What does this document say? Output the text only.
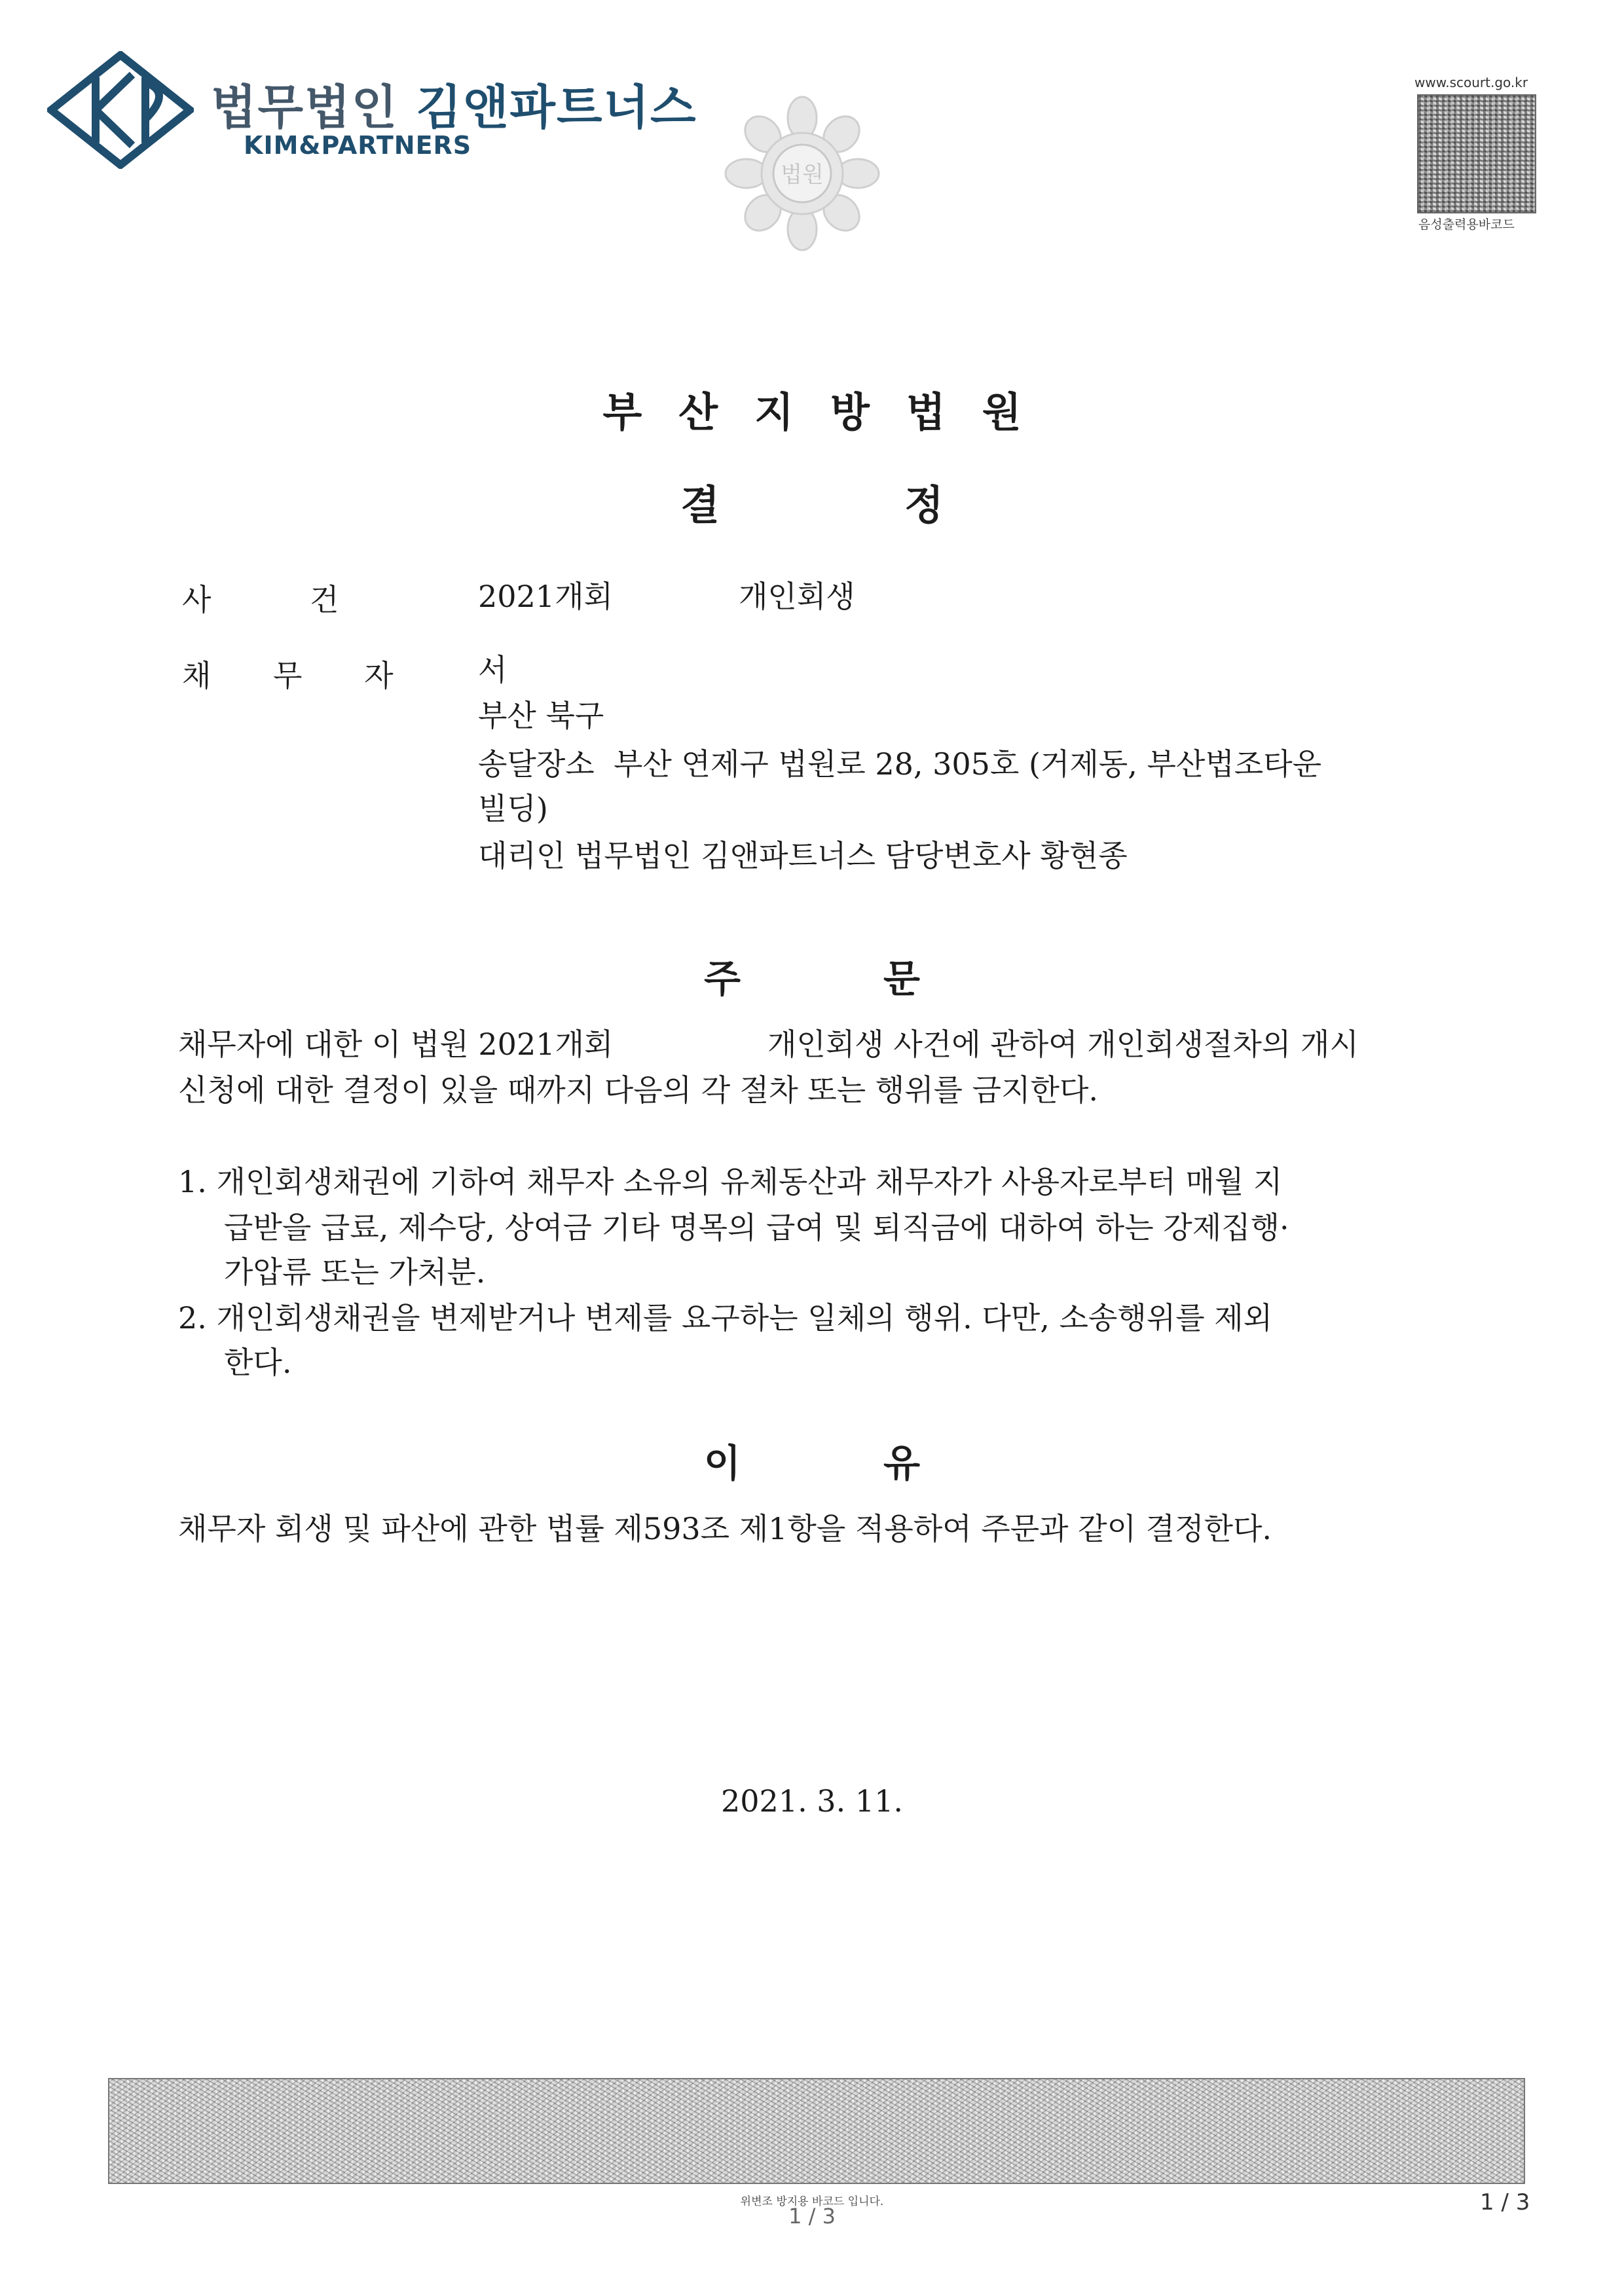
법무법인 김앤파트너스
KIM&PARTNERS
법원
www.scourt.go.kr
음성출력용바코드
부산지방법원
결정
사 건	2021개회	개인회생
채 무 자 서
부산 북구
송달장소  부산 연제구 법원로 28, 305호 (거제동, 부산법조타운
빌딩)
대리인 법무법인 김앤파트너스 담당변호사 황현종
주문
채무자에 대한 이 법원 2021개회	개인회생 사건에 관하여 개인회생절차의 개시
신청에 대한 결정이 있을 때까지 다음의 각 절차 또는 행위를 금지한다.
1. 개인회생채권에 기하여 채무자 소유의 유체동산과 채무자가 사용자로부터 매월 지
급받을 급료, 제수당, 상여금 기타 명목의 급여 및 퇴직금에 대하여 하는 강제집행·
가압류 또는 가처분.
2. 개인회생채권을 변제받거나 변제를 요구하는 일체의 행위. 다만, 소송행위를 제외
한다.
이유
채무자 회생 및 파산에 관한 법률 제593조 제1항을 적용하여 주문과 같이 결정한다.
2021. 3. 11.
위변조 방지용 바코드 입니다.
1 / 3
1 / 3
